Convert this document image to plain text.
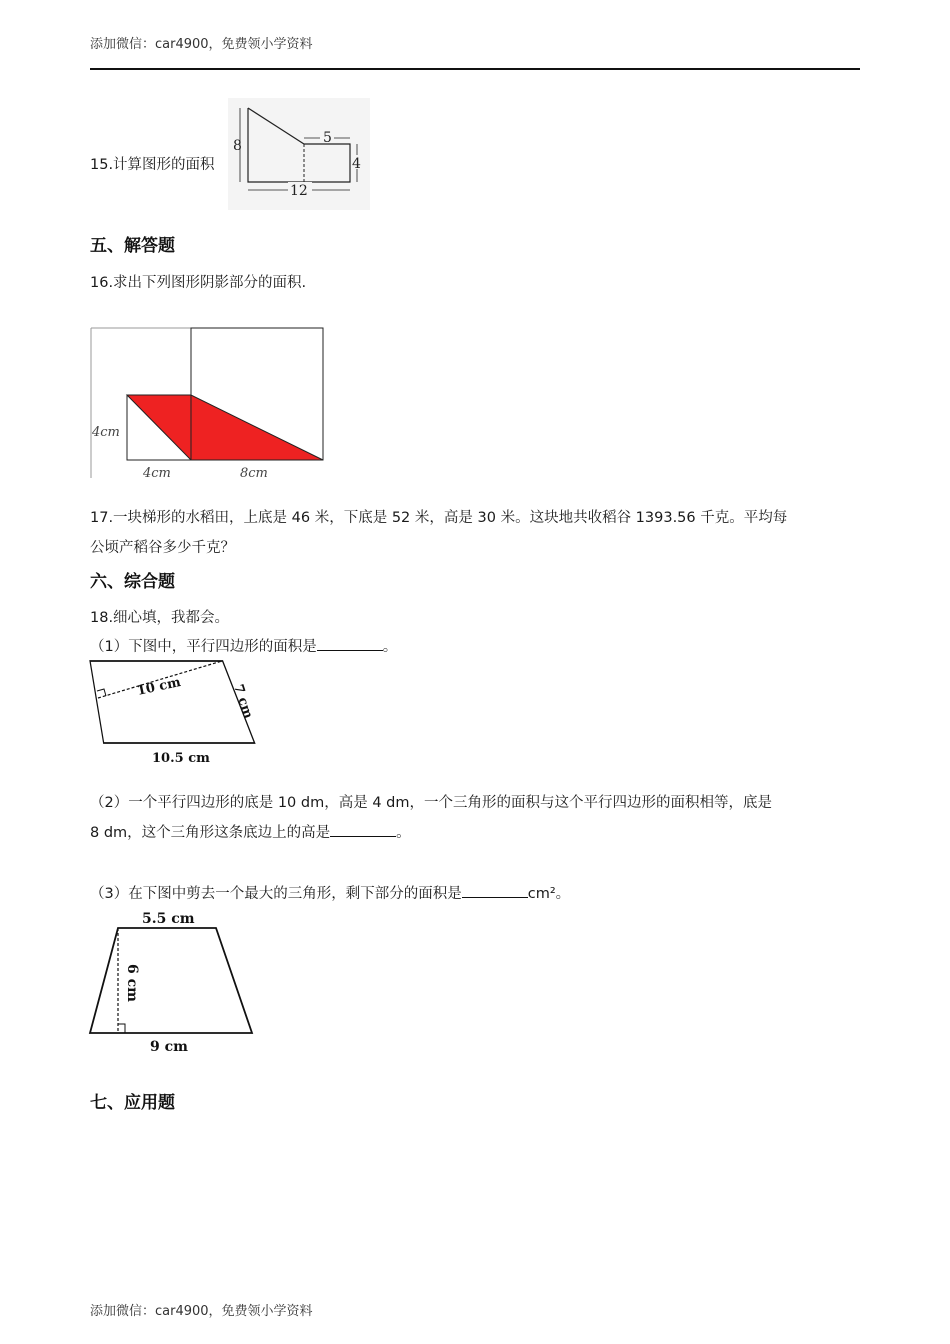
添加微信：car4900，免费领小学资料
15.计算图形的面积
8	5
4
12
五、解答题
16.求出下列图形阴影部分的面积.
4cm
4cm	8cm
17.一块梯形的水稻田，上底是 46 米，下底是 52 米，高是 30 米。这块地共收稻谷 1393.56 千克。平均每
公顷产稻谷多少千克？
六、综合题
18.细心填，我都会。
（1）下图中，平行四边形的面积是	。
10 cm	7 cm
10.5 cm
（2）一个平行四边形的底是 10 dm，高是 4 dm，一个三角形的面积与这个平行四边形的面积相等，底是
8 dm，这个三角形这条底边上的高是	。
（3）在下图中剪去一个最大的三角形，剩下部分的面积是	cm²。
5.5 cm
6 cm
9 cm
七、应用题
添加微信：car4900，免费领小学资料
